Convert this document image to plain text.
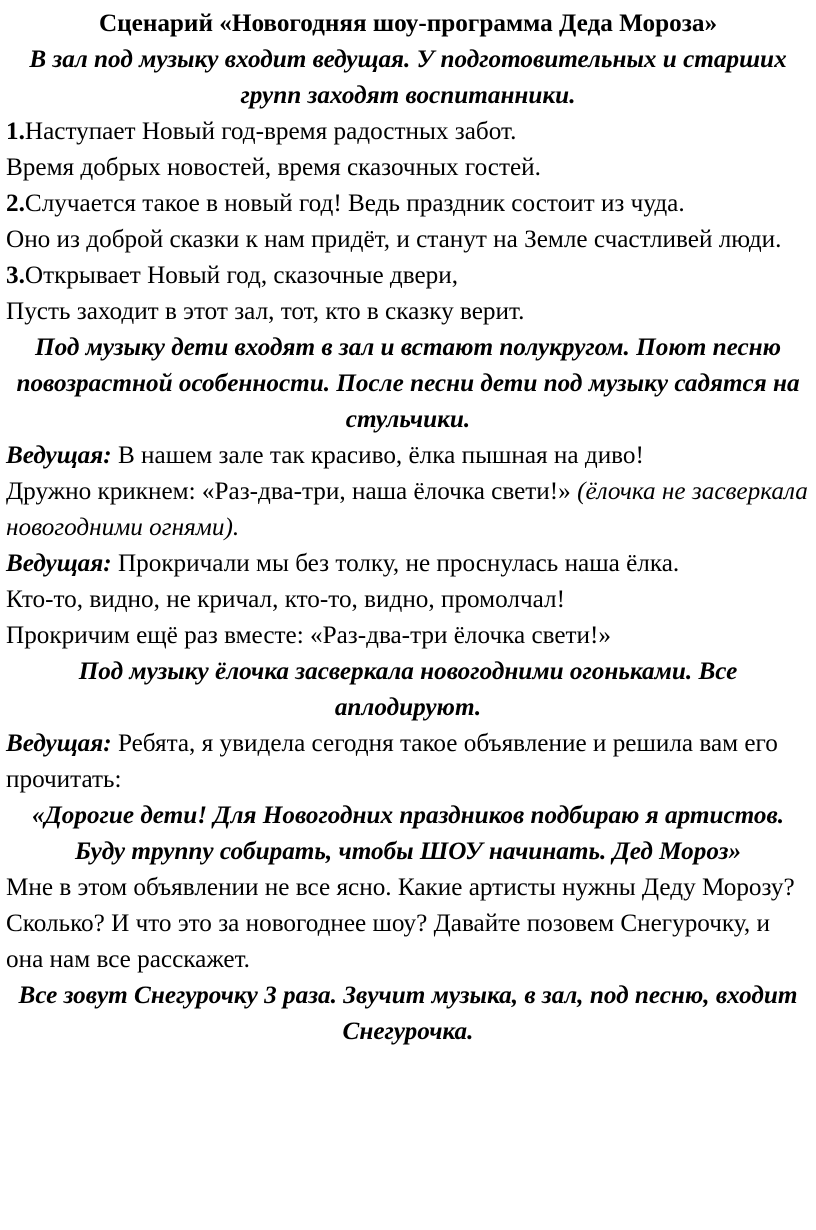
Сценарий «Новогодняя шоу-программа Деда Мороза»

В зал под музыку входит ведущая. У подготовительных и старших групп заходят воспитанники.

1.Наступает Новый год-время радостных забот.

Время добрых новостей, время сказочных гостей.

2.Случается такое в новый год! Ведь праздник состоит из чуда.

Оно из доброй сказки к нам придёт, и станут на Земле счастливей люди.

3.Открывает Новый год, сказочные двери,

Пусть заходит в этот зал, тот, кто в сказку верит.

Под музыку дети входят в зал и встают полукругом. Поют песню повозрастной особенности. После песни дети под музыку садятся на стульчики.

Ведущая: В нашем зале так красиво, ёлка пышная на диво!

Дружно крикнем: «Раз-два-три, наша ёлочка свети!» (ёлочка не засверкала новогодними огнями).

Ведущая: Прокричали мы без толку, не проснулась наша ёлка.

Кто-то, видно, не кричал, кто-то, видно, промолчал!

Прокричим ещё раз вместе: «Раз-два-три ёлочка свети!»

Под музыку ёлочка засверкала новогодними огоньками. Все аплодируют.

Ведущая: Ребята, я увидела сегодня такое объявление и решила вам его прочитать:

«Дорогие дети! Для Новогодних праздников подбираю я артистов.

Буду труппу собирать, чтобы ШОУ начинать. Дед Мороз»

Мне в этом объявлении не все ясно. Какие артисты нужны Деду Морозу? Сколько? И что это за новогоднее шоу? Давайте позовем Снегурочку, и она нам все расскажет.

Все зовут Снегурочку 3 раза. Звучит музыка, в зал, под песню, входит Снегурочка.
